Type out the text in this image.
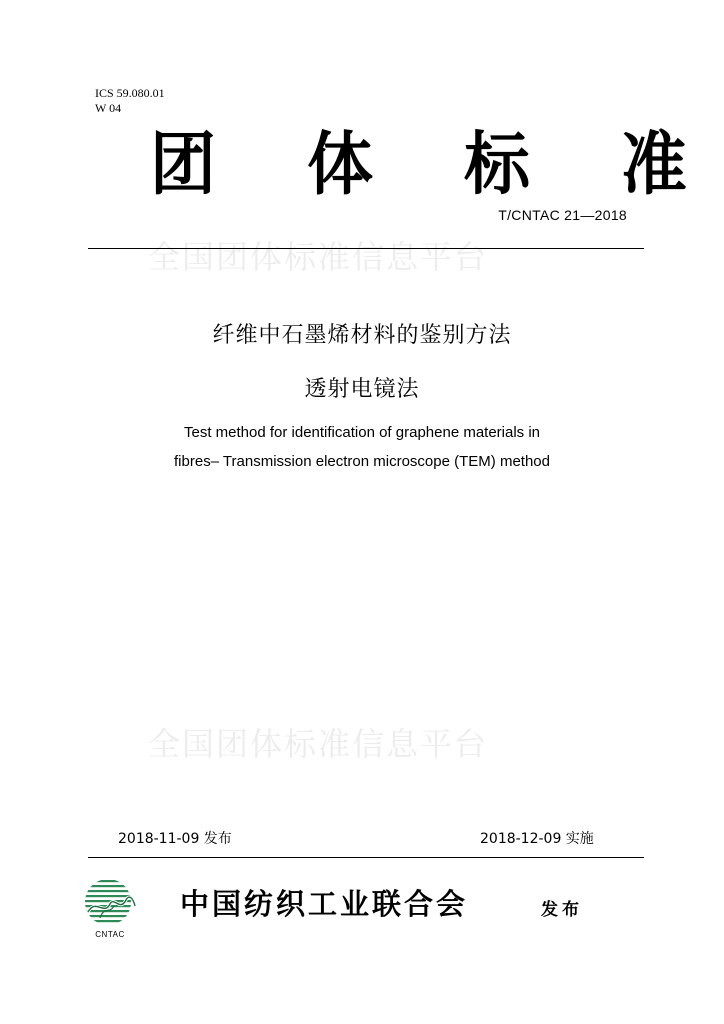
ICS 59.080.01
W 04
团 体 标 准
T/CNTAC 21—2018
全国团体标准信息平台
纤维中石墨烯材料的鉴别方法
透射电镜法
Test method for identification of graphene materials in
fibres– Transmission electron microscope (TEM) method
全国团体标准信息平台
2018-11-09 发布	2018-12-09 实施
CNTAC
中国纺织工业联合会	发布
